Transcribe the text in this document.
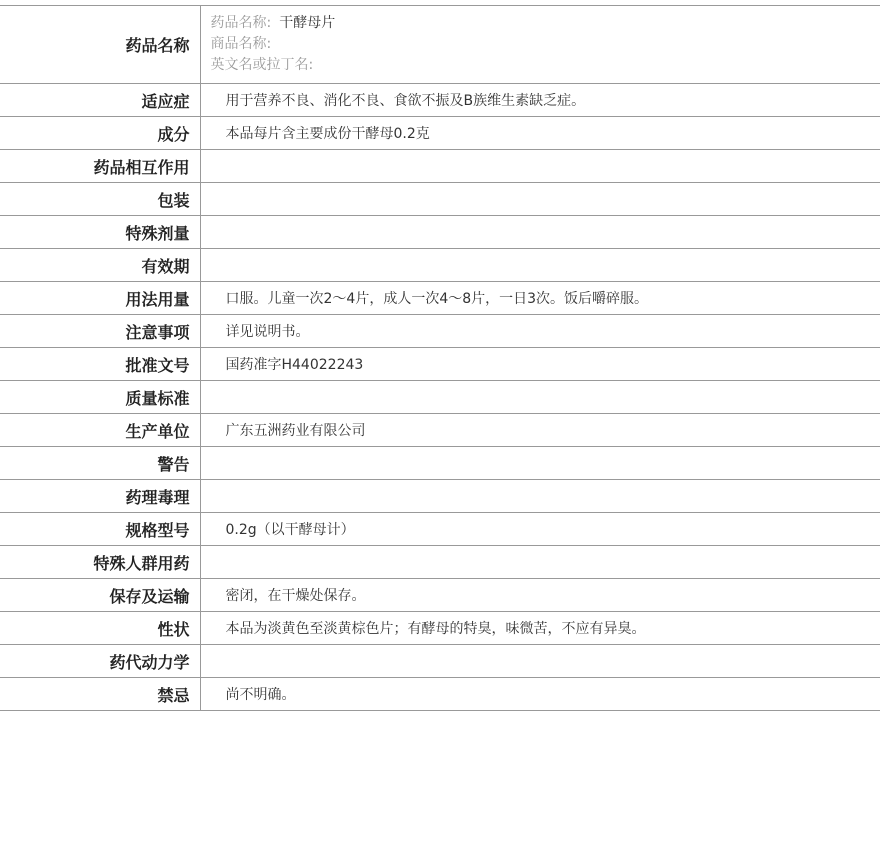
药品名称	药品名称: 干酵母片
商品名称:
英文名或拉丁名:

适应症	用于营养不良、消化不良、食欲不振及B族维生素缺乏症。
成分	本品每片含主要成份干酵母0.2克
药品相互作用	
包装	
特殊剂量	
有效期	
用法用量	口服。儿童一次2～4片，成人一次4～8片，一日3次。饭后嚼碎服。
注意事项	详见说明书。
批准文号	国药准字H44022243
质量标准	
生产单位	广东五洲药业有限公司
警告	
药理毒理	
规格型号	0.2g（以干酵母计）
特殊人群用药	
保存及运输	密闭，在干燥处保存。
性状	本品为淡黄色至淡黄棕色片；有酵母的特臭，味微苦，不应有异臭。
药代动力学	
禁忌	尚不明确。
